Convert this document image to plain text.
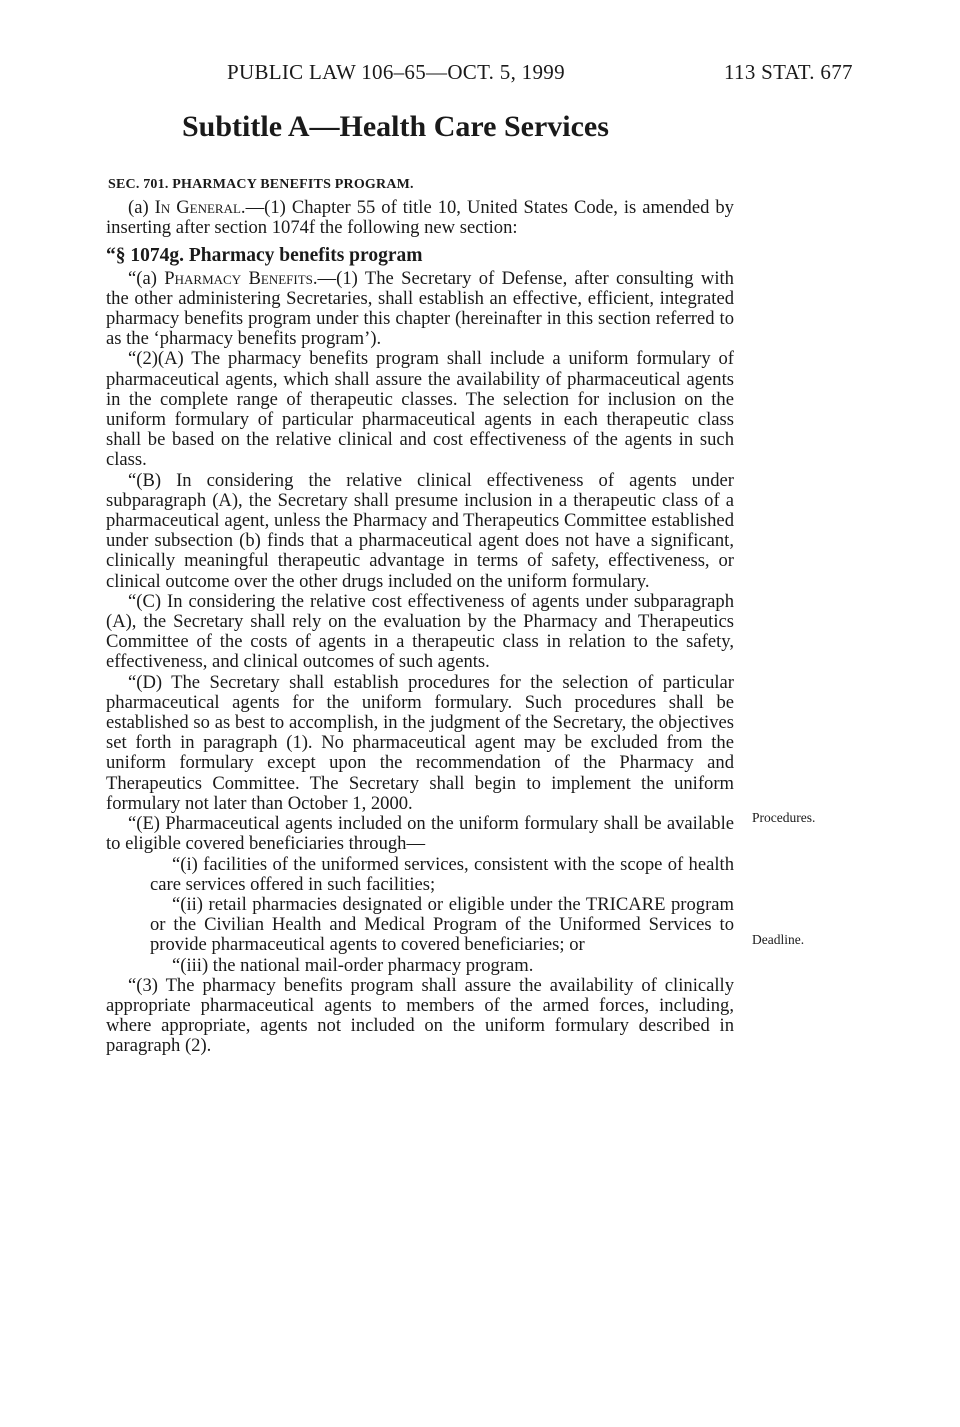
PUBLIC LAW 106–65—OCT. 5, 1999	113 STAT. 677
Subtitle A—Health Care Services
SEC. 701. PHARMACY BENEFITS PROGRAM.

(a) In General.—(1) Chapter 55 of title 10, United States Code, is amended by inserting after section 1074f the following new section:

“§ 1074g. Pharmacy benefits program

“(a) Pharmacy Benefits.—(1) The Secretary of Defense, after consulting with the other administering Secretaries, shall establish an effective, efficient, integrated pharmacy benefits program under this chapter (hereinafter in this section referred to as the ‘pharmacy benefits program’).

“(2)(A) The pharmacy benefits program shall include a uniform formulary of pharmaceutical agents, which shall assure the availability of pharmaceutical agents in the complete range of therapeutic classes. The selection for inclusion on the uniform formulary of particular pharmaceutical agents in each therapeutic class shall be based on the relative clinical and cost effectiveness of the agents in such class.

“(B) In considering the relative clinical effectiveness of agents under subparagraph (A), the Secretary shall presume inclusion in a therapeutic class of a pharmaceutical agent, unless the Pharmacy and Therapeutics Committee established under subsection (b) finds that a pharmaceutical agent does not have a significant, clinically meaningful therapeutic advantage in terms of safety, effectiveness, or clinical outcome over the other drugs included on the uniform formulary.

“(C) In considering the relative cost effectiveness of agents under subparagraph (A), the Secretary shall rely on the evaluation by the Pharmacy and Therapeutics Committee of the costs of agents in a therapeutic class in relation to the safety, effectiveness, and clinical outcomes of such agents.

“(D) The Secretary shall establish procedures for the selection of particular pharmaceutical agents for the uniform formulary. Such procedures shall be established so as best to accomplish, in the judgment of the Secretary, the objectives set forth in paragraph (1). No pharmaceutical agent may be excluded from the uniform formulary except upon the recommendation of the Pharmacy and Therapeutics Committee. The Secretary shall begin to implement the uniform formulary not later than October 1, 2000.

“(E) Pharmaceutical agents included on the uniform formulary shall be available to eligible covered beneficiaries through—

“(i) facilities of the uniformed services, consistent with the scope of health care services offered in such facilities;

“(ii) retail pharmacies designated or eligible under the TRICARE program or the Civilian Health and Medical Program of the Uniformed Services to provide pharmaceutical agents to covered beneficiaries; or

“(iii) the national mail-order pharmacy program.

“(3) The pharmacy benefits program shall assure the availability of clinically appropriate pharmaceutical agents to members of the armed forces, including, where appropriate, agents not included on the uniform formulary described in paragraph (2).

Procedures.
Deadline.
